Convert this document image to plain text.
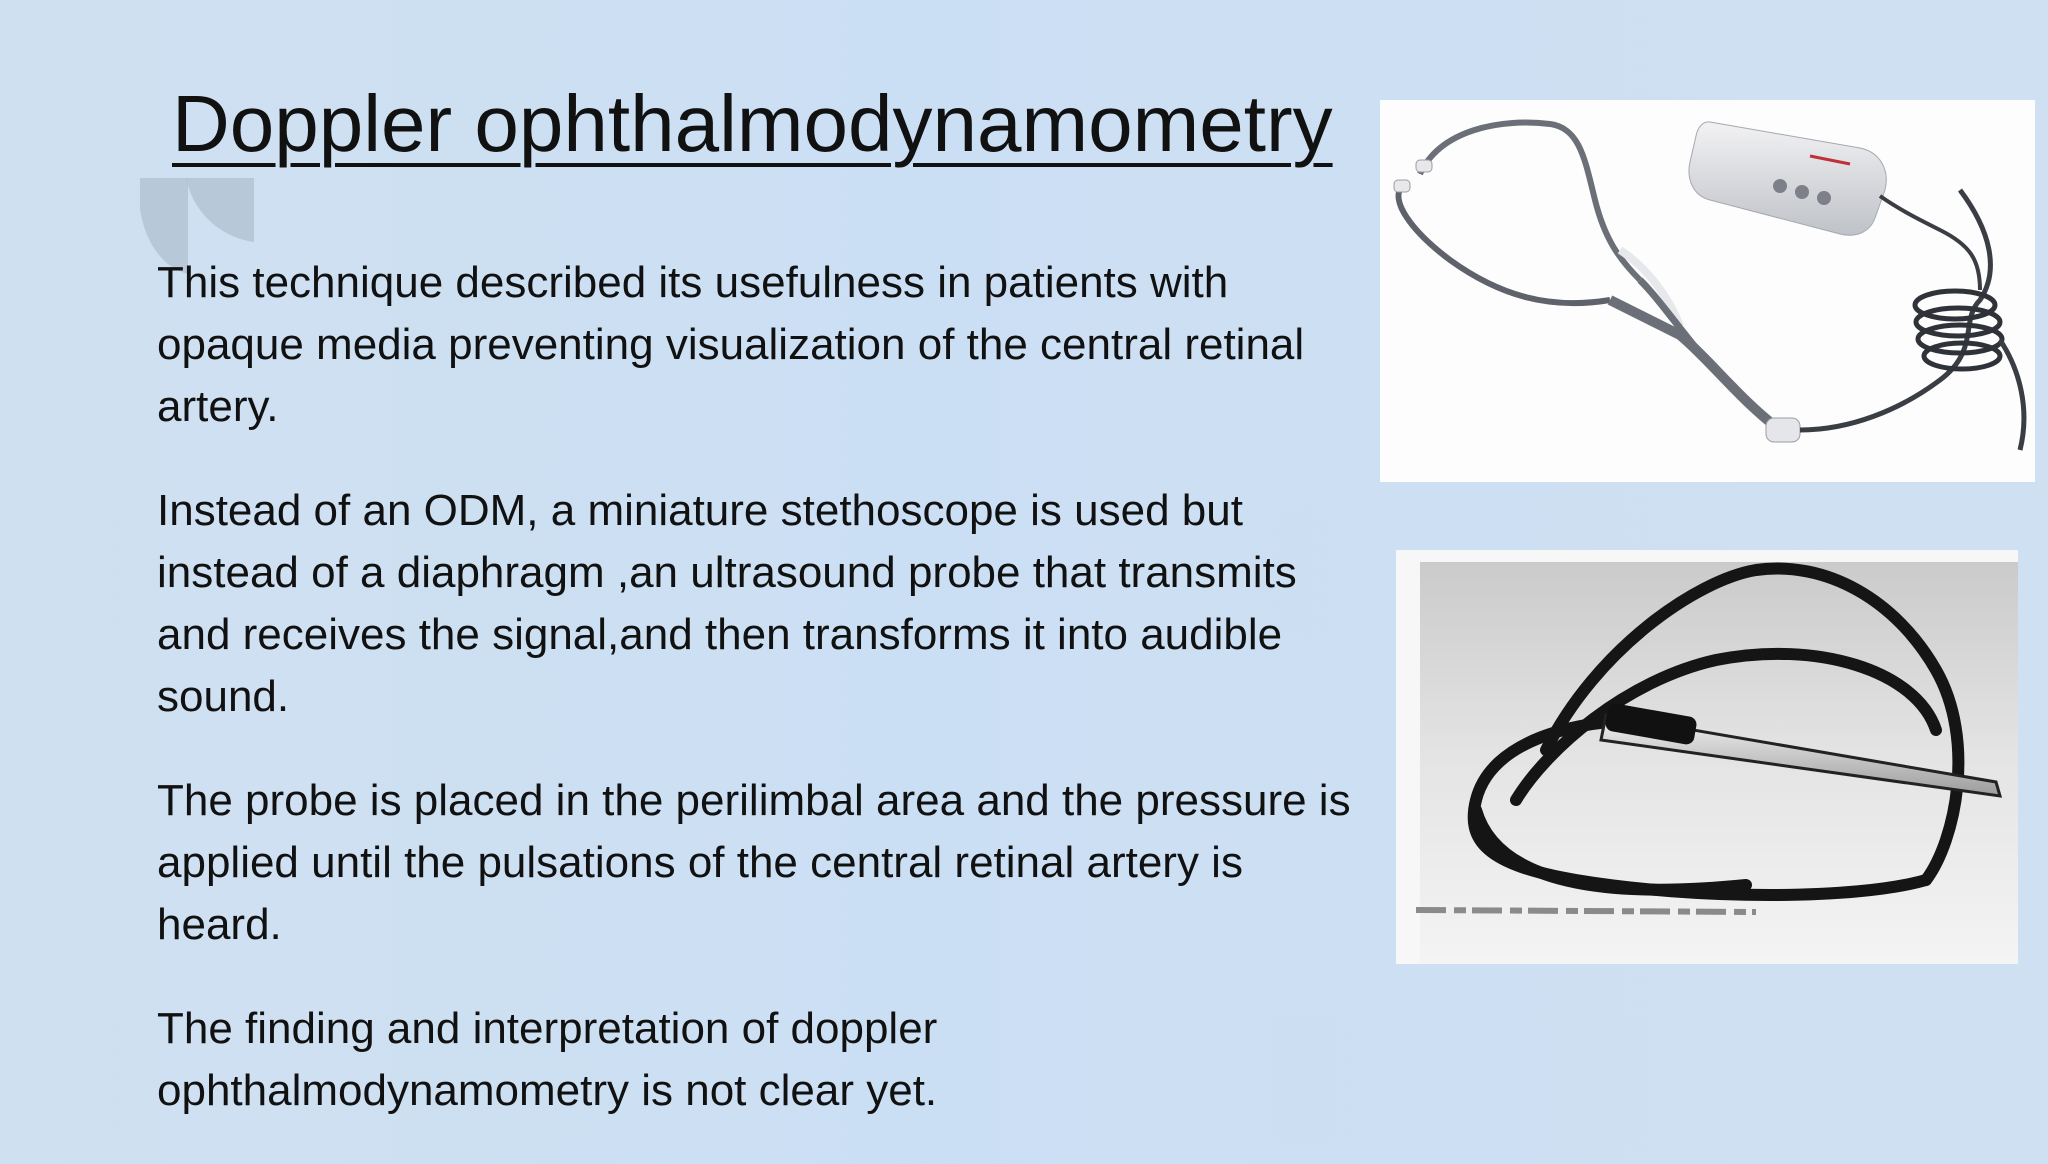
Doppler ophthalmodynamometry

This technique described its usefulness in patients with opaque media preventing visualization of the central retinal artery.

Instead of an ODM, a miniature stethoscope is used but instead of a diaphragm ,an ultrasound probe that transmits and receives the signal,and then transforms it into audible sound.

The probe is placed in the perilimbal area and the pressure is applied until the pulsations of the central retinal artery is heard.

The finding and interpretation of doppler ophthalmodynamometry is not clear yet.
